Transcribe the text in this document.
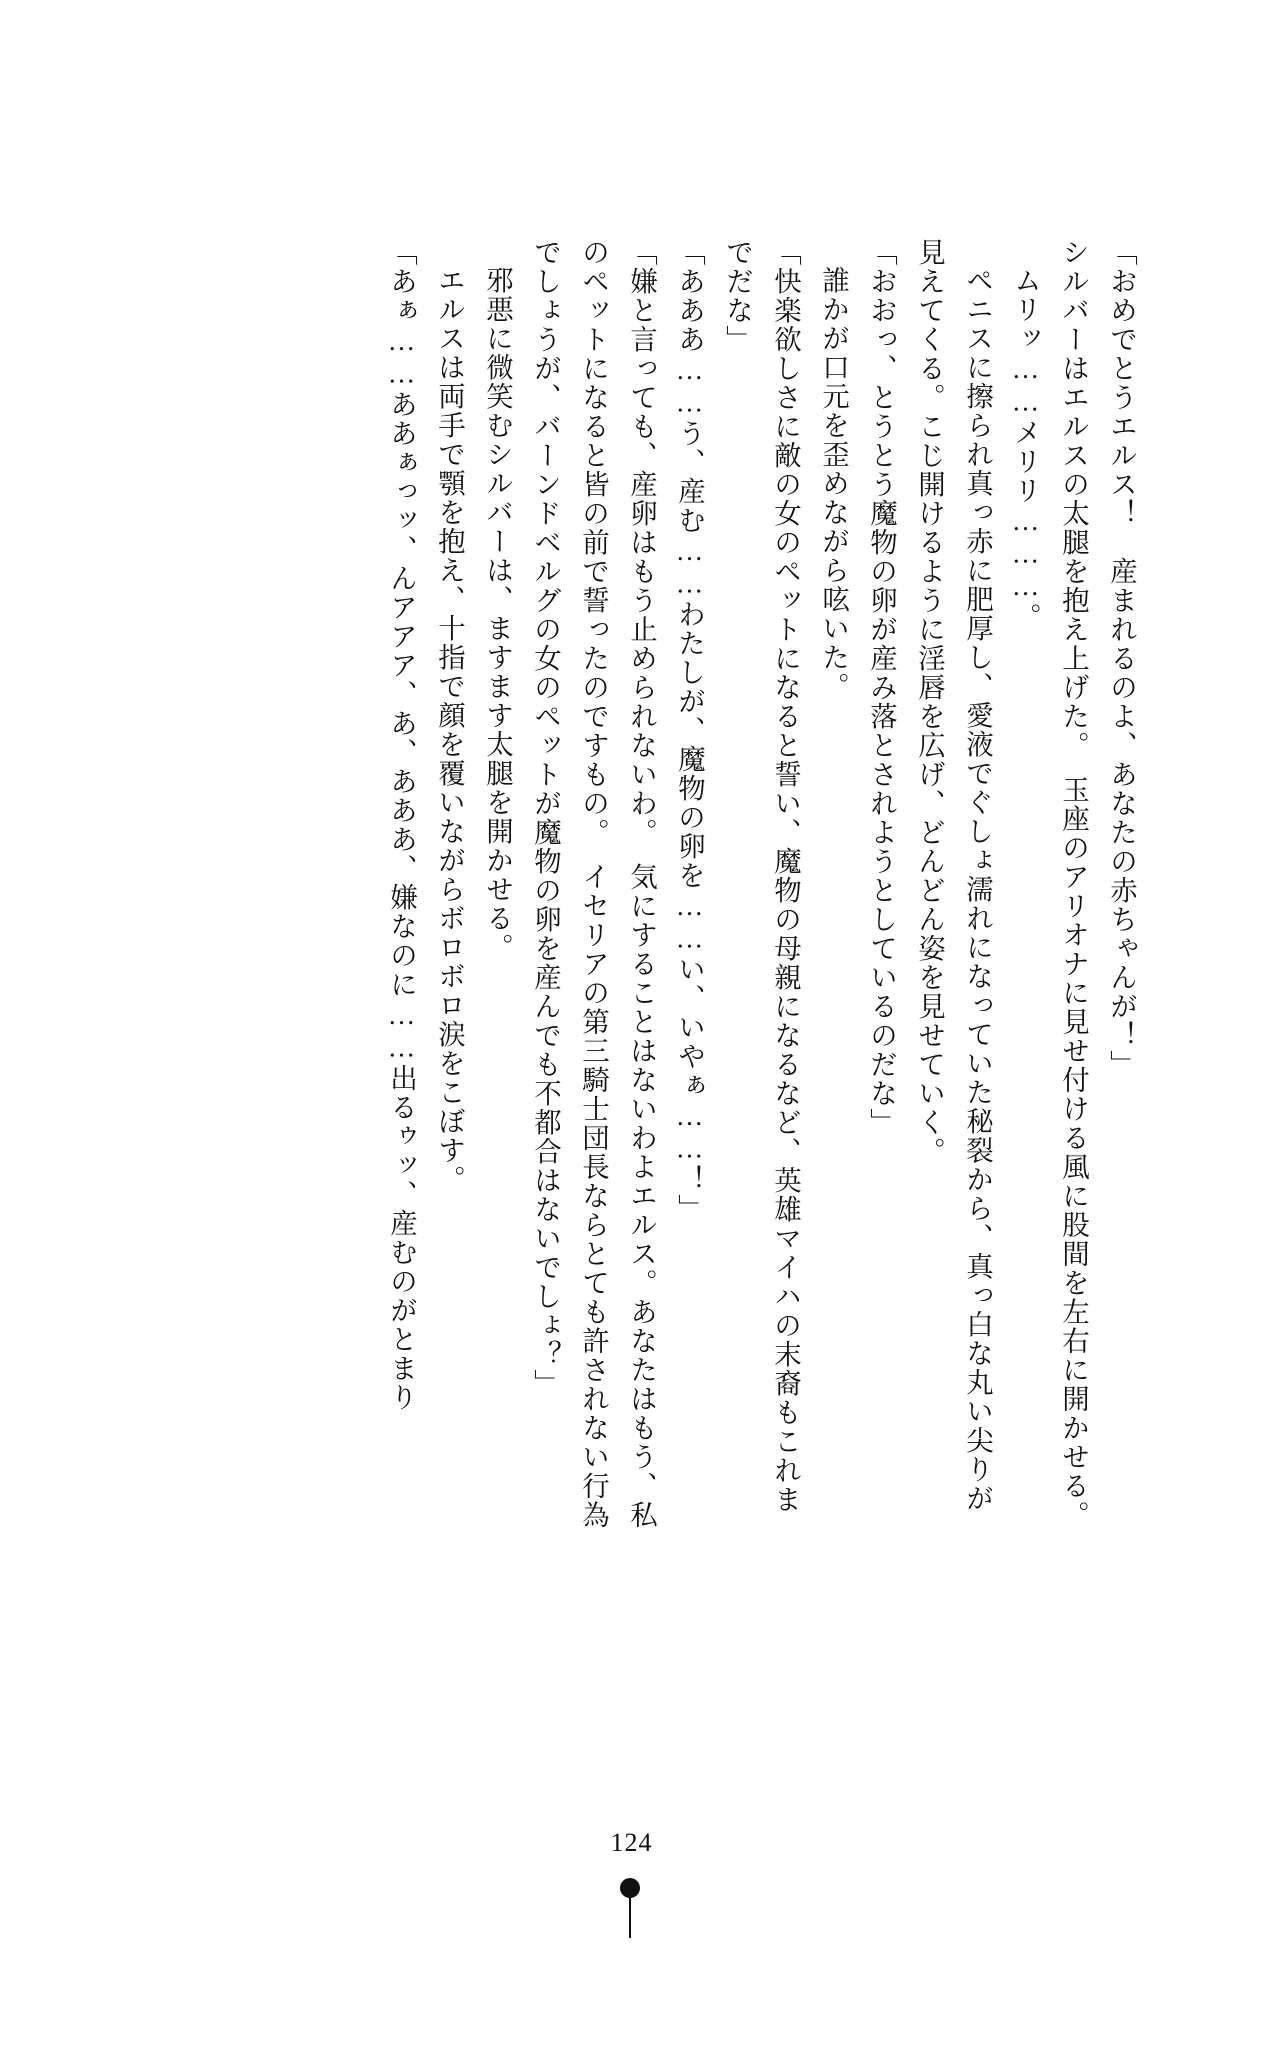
「おめでとうエルス！　産まれるのよ、あなたの赤ちゃんが！」

シルバーはエルスの太腿を抱え上げた。　玉座のアリオナに見せ付ける風に股間を左右に開かせる。

ムリッ……メリリ………。

ペニスに擦られ真っ赤に肥厚し、愛液でぐしょ濡れになっていた秘裂から、真っ白な丸い尖りが見えてくる。こじ開けるように淫唇を広げ、どんどん姿を見せていく。

「おおっ、とうとう魔物の卵が産み落とされようとしているのだな」

誰かが口元を歪めながら呟いた。

「快楽欲しさに敵の女のペットになると誓い、魔物の母親になるなど、英雄マイハの末裔もこれまでだな」

「あああ……う、産む……わたしが、魔物の卵を……い、いやぁ……！」

「嫌と言っても、産卵はもう止められないわ。　気にすることはないわよエルス。あなたはもう、私のペットになると皆の前で誓ったのですもの。　イセリアの第三騎士団長ならとても許されない行為でしょうが、バーンドベルグの女のペットが魔物の卵を産んでも不都合はないでしょ？」

邪悪に微笑むシルバーは、ますます太腿を開かせる。

エルスは両手で顎を抱え、十指で顔を覆いながらボロボロ涙をこぼす。

「あぁ……ああぁっッ、んアアア、あ、あああ、嫌なのに……出るゥッ、産むのがとまり

124
